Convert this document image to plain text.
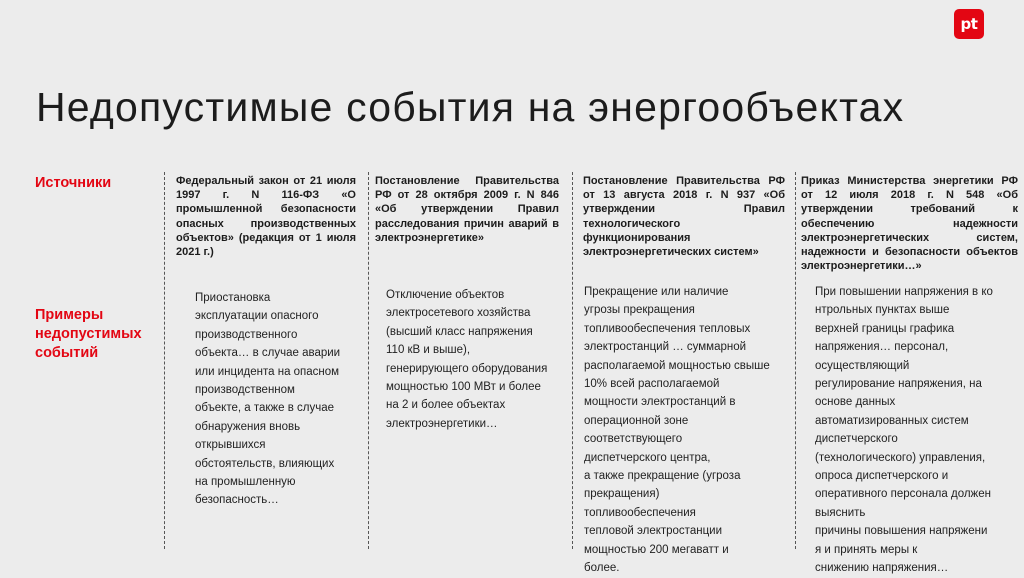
pt
Недопустимые события на энергообъектах
Источники
Примеры недопустимых событий
Федеральный закон от 21 июля 1997 г. N 116-ФЗ «О промышленной безопасности опасных производственных объектов» (редакция от 1 июля 2021 г.)
Постановление Правительства РФ от 28 октября 2009 г. N 846 «Об утверждении Правил расследования причин аварий в электроэнергетике»
Постановление Правительства РФ от 13 августа 2018 г. N 937 «Об утверждении Правил технологического функционирования электроэнергетических систем»
Приказ Министерства энергетики РФ от 12 июля 2018 г. N 548 «Об утверждении требований к обеспечению надежности электроэнергетических систем, надежности и безопасности объектов электроэнергетики…»
Приостановка
эксплуатации опасного
производственного
объекта… в случае аварии
или инцидента на опасном
производственном
объекте, а также в случае
обнаружения вновь
открывшихся
обстоятельств, влияющих
на промышленную
безопасность…
Отключение объектов
электросетевого хозяйства
(высший класс напряжения
110 кВ и выше),
генерирующего оборудования
мощностью 100 МВт и более
на 2 и более объектах
электроэнергетики…
Прекращение или наличие
угрозы прекращения
топливообеспечения тепловых
электростанций … суммарной
располагаемой мощностью свыше
10% всей располагаемой
мощности электростанций в
операционной зоне
соответствующего
диспетчерского центра,
а также прекращение (угроза
прекращения)
топливообеспечения
тепловой электростанции
мощностью 200 мегаватт и
более.
При повышении напряжения в ко
нтрольных пунктах выше
верхней границы графика
напряжения… персонал,
осуществляющий
регулирование напряжения, на
основе данных
автоматизированных систем
диспетчерского
(технологического) управления,
опроса диспетчерского и
оперативного персонала должен
выяснить
причины повышения напряжени
я и принять меры к
снижению напряжения…
